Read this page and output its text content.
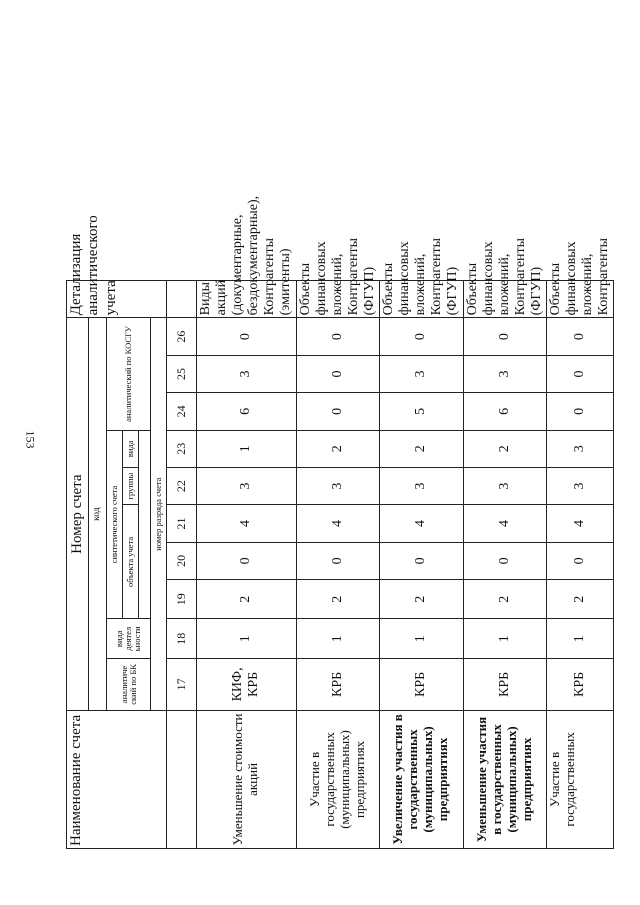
153
Наименование счета	Номер счета										Детализация аналитического учета
	код										
	аналитиче ский по БК	вида деятел ьности	синтетического счета					аналитический по КОСГУ			
			объекта учета			группы	вида				

	номер разряда счета										
	17	18	19	20	21	22	23	24	25	26	
Уменьшение стоимости акций	КИФ, КРБ	1	2	0	4	3	1	6	3	0	Виды акций (документарные, бездокументарные), Контрагенты (эмитенты)
Участие в государственных (муниципальных) предприятиях	КРБ	1	2	0	4	3	2	0	0	0	Объекты финансовых вложений, Контрагенты (ФГУП)
Увеличение участия в государственных (муниципальных) предприятиях	КРБ	1	2	0	4	3	2	5	3	0	Объекты финансовых вложений, Контрагенты (ФГУП)
Уменьшение участия в государственных (муниципальных) предприятиях	КРБ	1	2	0	4	3	2	6	3	0	Объекты финансовых вложений, Контрагенты (ФГУП)
Участие в государственных	КРБ	1	2	0	4	3	3	0	0	0	Объекты финансовых вложений, Контрагенты
